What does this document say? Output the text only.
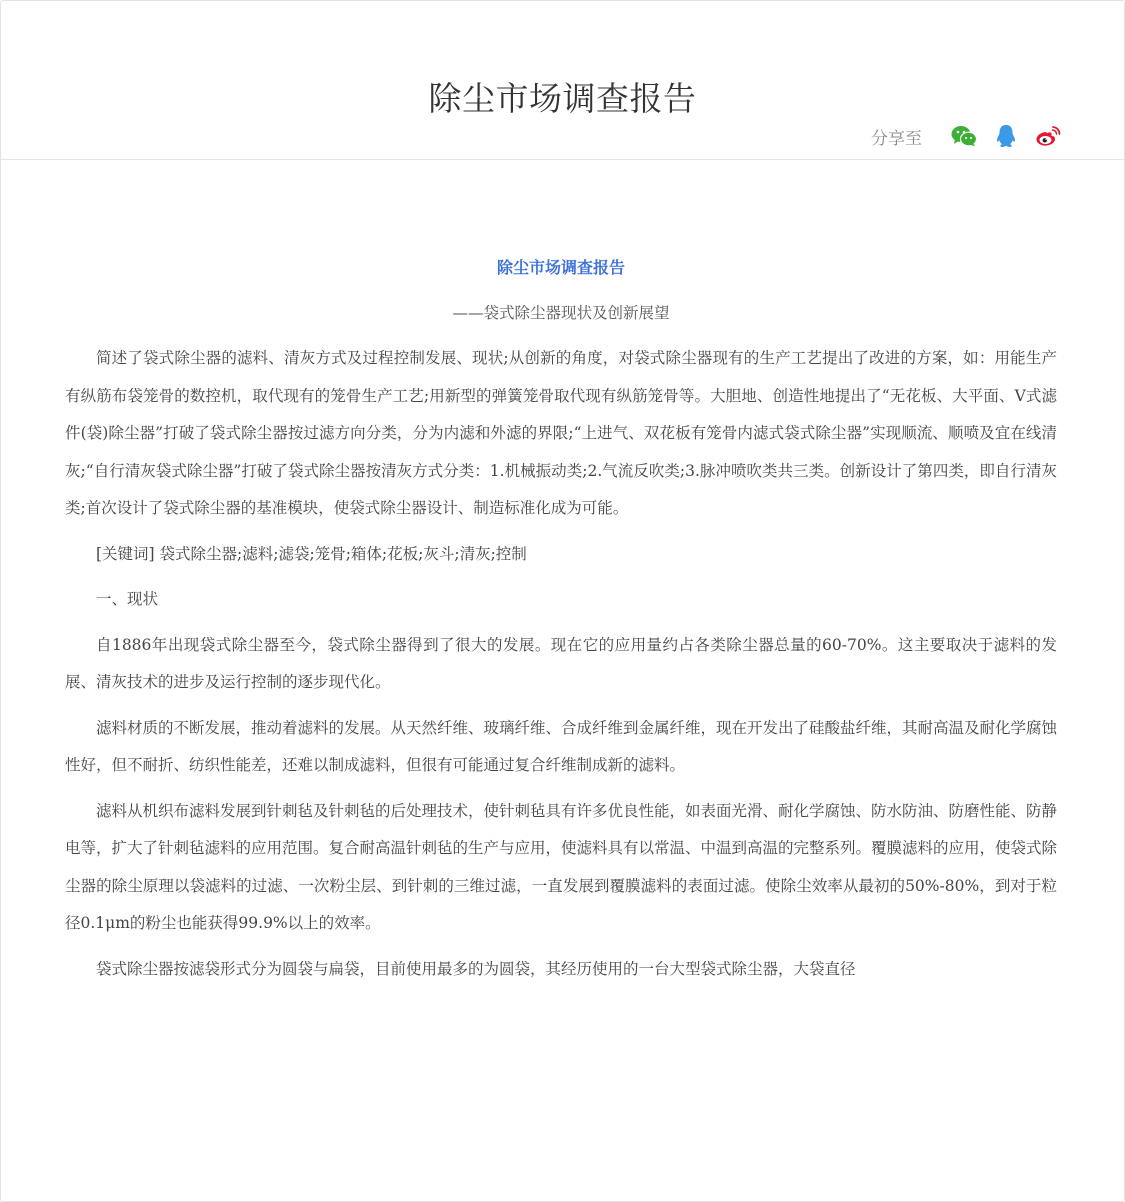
除尘市场调查报告
分享至
除尘市场调查报告
——袋式除尘器现状及创新展望

简述了袋式除尘器的滤料、清灰方式及过程控制发展、现状;从创新的角度，对袋式除尘器现有的生产工艺提出了改进的方案，如：用能生产有纵筋布袋笼骨的数控机，取代现有的笼骨生产工艺;用新型的弹簧笼骨取代现有纵筋笼骨等。大胆地、创造性地提出了“无花板、大平面、V式滤件(袋)除尘器”打破了袋式除尘器按过滤方向分类，分为内滤和外滤的界限;“上进气、双花板有笼骨内滤式袋式除尘器”实现顺流、顺喷及宜在线清灰;“自行清灰袋式除尘器”打破了袋式除尘器按清灰方式分类：1.机械振动类;2.气流反吹类;3.脉冲喷吹类共三类。创新设计了第四类，即自行清灰类;首次设计了袋式除尘器的基准模块，使袋式除尘器设计、制造标准化成为可能。

[关键词] 袋式除尘器;滤料;滤袋;笼骨;箱体;花板;灰斗;清灰;控制

一、现状

自1886年出现袋式除尘器至今，袋式除尘器得到了很大的发展。现在它的应用量约占各类除尘器总量的60-70%。这主要取决于滤料的发展、清灰技术的进步及运行控制的逐步现代化。

滤料材质的不断发展，推动着滤料的发展。从天然纤维、玻璃纤维、合成纤维到金属纤维，现在开发出了硅酸盐纤维，其耐高温及耐化学腐蚀性好，但不耐折、纺织性能差，还难以制成滤料，但很有可能通过复合纤维制成新的滤料。

滤料从机织布滤料发展到针刺毡及针刺毡的后处理技术，使针刺毡具有许多优良性能，如表面光滑、耐化学腐蚀、防水防油、防磨性能、防静电等，扩大了针刺毡滤料的应用范围。复合耐高温针刺毡的生产与应用，使滤料具有以常温、中温到高温的完整系列。覆膜滤料的应用，使袋式除尘器的除尘原理以袋滤料的过滤、一次粉尘层、到针刺的三维过滤，一直发展到覆膜滤料的表面过滤。使除尘效率从最初的50%-80%，到对于粒径0.1μm的粉尘也能获得99.9%以上的效率。

袋式除尘器按滤袋形式分为圆袋与扁袋，目前使用最多的为圆袋，其经历使用的一台大型袋式除尘器，大袋直径
